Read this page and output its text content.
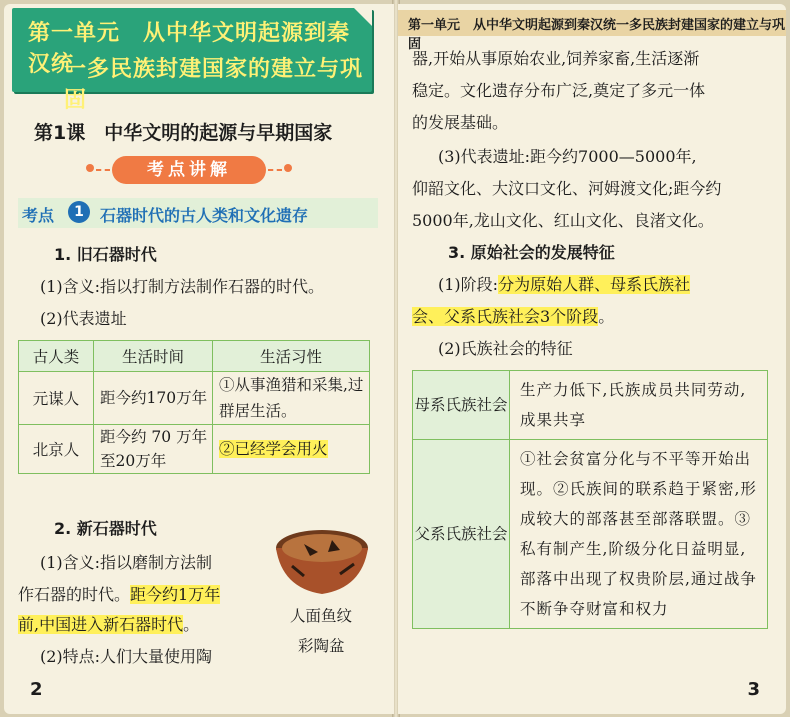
第一单元　从中华文明起源到秦汉统
一多民族封建国家的建立与巩固
第1课　中华文明的起源与早期国家
考点讲解
考点	1	石器时代的古人类和文化遗存
1. 旧石器时代
(1)含义:指以打制方法制作石器的时代。
(2)代表遗址
古人类	生活时间	生活习性
元谋人	距今约170万年	①从事渔猎和采集,过群居生活。
北京人	距今约 70 万年至20万年	②已经学会用火
2. 新石器时代
(1)含义:指以磨制方法制
作石器的时代。距今约1万年
前,中国进入新石器时代。	人面鱼纹
彩陶盆
(2)特点:人们大量使用陶
2
第一单元　从中华文明起源到秦汉统一多民族封建国家的建立与巩固
器,开始从事原始农业,饲养家畜,生活逐渐
稳定。文化遗存分布广泛,奠定了多元一体
的发展基础。
(3)代表遗址:距今约7000—5000年,
仰韶文化、大汶口文化、河姆渡文化;距今约
5000年,龙山文化、红山文化、良渚文化。
3. 原始社会的发展特征
(1)阶段:分为原始人群、母系氏族社
会、父系氏族社会3个阶段。
(2)氏族社会的特征
母系氏族社会	生产力低下,氏族成员共同劳动,成果共享
父系氏族社会	①社会贫富分化与不平等开始出现。②氏族间的联系趋于紧密,形成较大的部落甚至部落联盟。③私有制产生,阶级分化日益明显,部落中出现了权贵阶层,通过战争不断争夺财富和权力
3
